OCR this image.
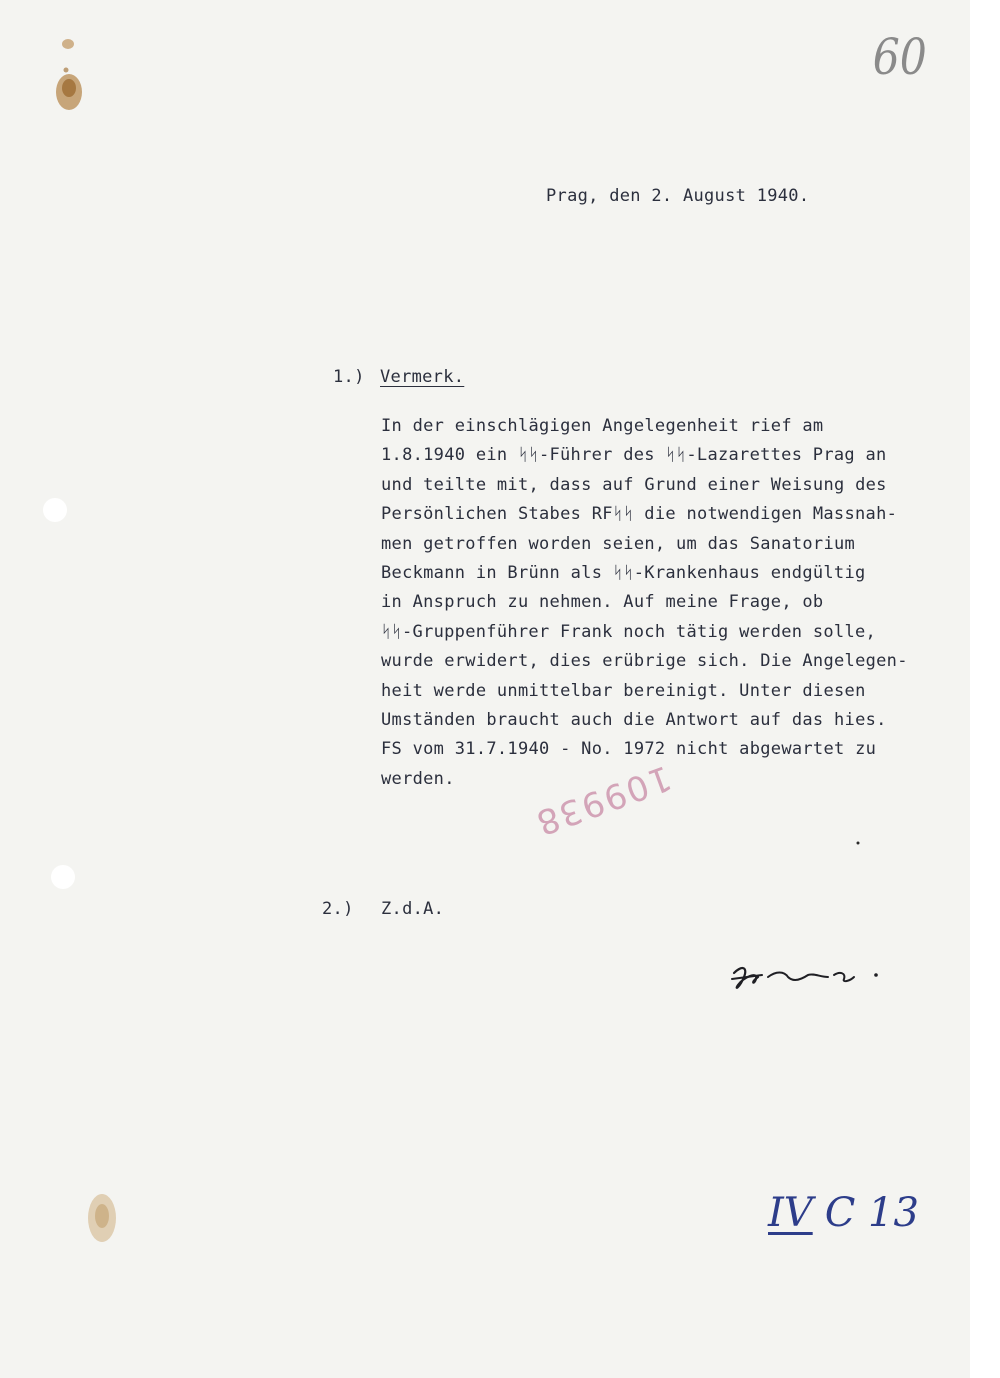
60
Prag, den 2. August 1940.
1.) Vermerk.
In der einschlägigen Angelegenheit rief am
1.8.1940 ein ᛋᛋ-Führer des ᛋᛋ-Lazarettes Prag an
und teilte mit, dass auf Grund einer Weisung des
Persönlichen Stabes RFᛋᛋ die notwendigen Massnah-
men getroffen worden seien, um das Sanatorium
Beckmann in Brünn als ᛋᛋ-Krankenhaus endgültig
in Anspruch zu nehmen. Auf meine Frage, ob
ᛋᛋ-Gruppenführer Frank noch tätig werden solle,
wurde erwidert, dies erübrige sich. Die Angelegen-
heit werde unmittelbar bereinigt. Unter diesen
Umständen braucht auch die Antwort auf das hies.
FS vom 31.7.1940 - No. 1972 nicht abgewartet zu
werden.	109938
2.) Z.d.A.
IV C 13
